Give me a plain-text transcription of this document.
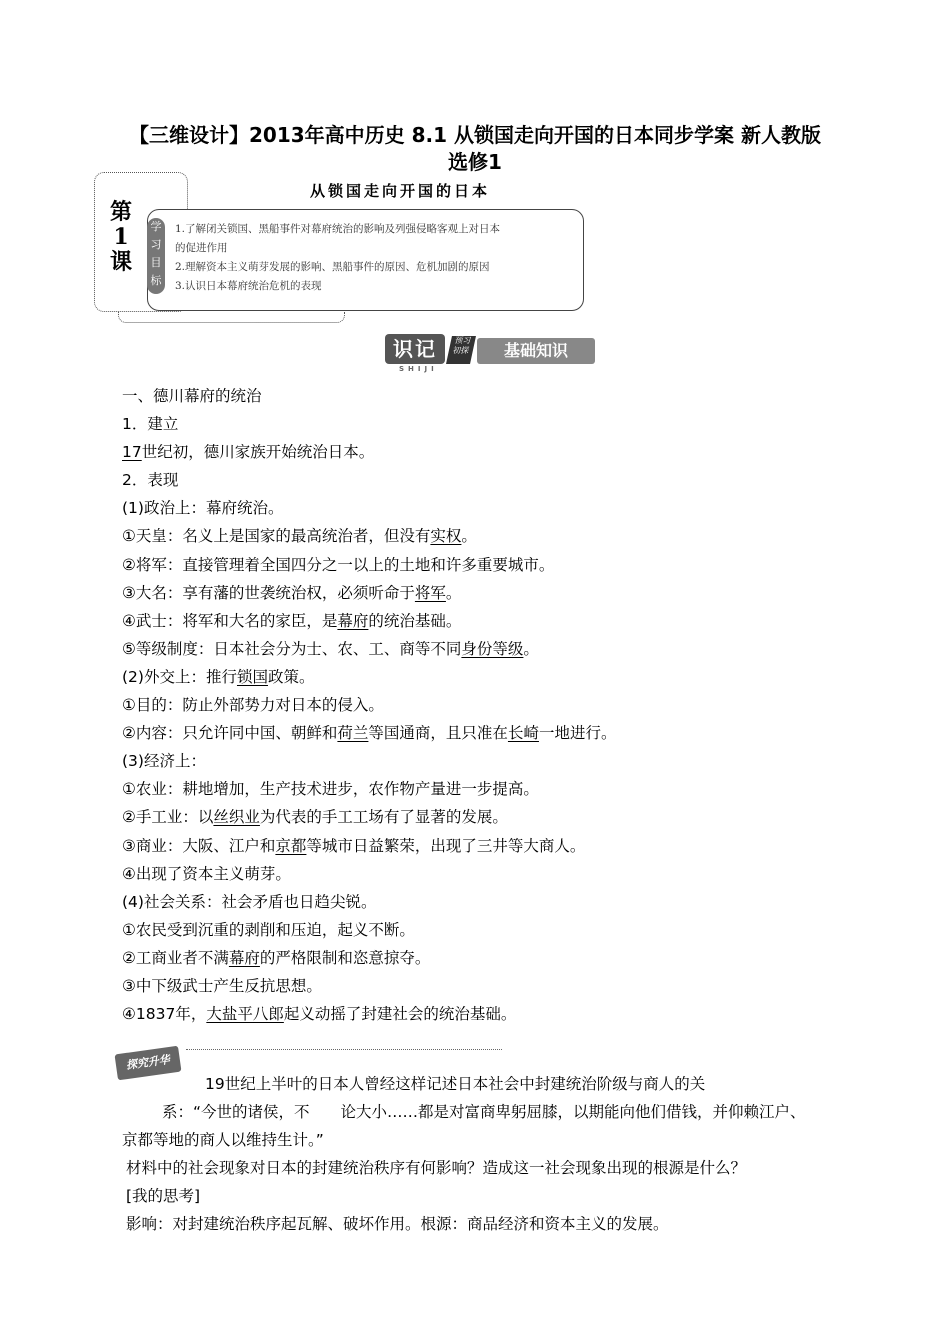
【三维设计】2013年高中历史 8.1 从锁国走向开国的日本同步学案 新人教版
选修1
第
1
课
从锁国走向开国的日本
学
习
目
标
1.了解闭关锁国、黑船事件对幕府统治的影响及列强侵略客观上对日本
的促进作用
2.理解资本主义萌芽发展的影响、黑船事件的原因、危机加剧的原因
3.认识日本幕府统治危机的表现
识记
SHIJI
预习
初探	基础知识

一、德川幕府的统治

1．建立

17世纪初，德川家族开始统治日本。

2．表现

(1)政治上：幕府统治。

①天皇：名义上是国家的最高统治者，但没有实权。

②将军：直接管理着全国四分之一以上的土地和许多重要城市。

③大名：享有藩的世袭统治权，必须听命于将军。

④武士：将军和大名的家臣，是幕府的统治基础。

⑤等级制度：日本社会分为士、农、工、商等不同身份等级。

(2)外交上：推行锁国政策。

①目的：防止外部势力对日本的侵入。

②内容：只允许同中国、朝鲜和荷兰等国通商，且只准在长崎一地进行。

(3)经济上：

①农业：耕地增加，生产技术进步，农作物产量进一步提高。

②手工业：以丝织业为代表的手工工场有了显著的发展。

③商业：大阪、江户和京都等城市日益繁荣，出现了三井等大商人。

④出现了资本主义萌芽。

(4)社会关系：社会矛盾也日趋尖锐。

①农民受到沉重的剥削和压迫，起义不断。

②工商业者不满幕府的严格限制和恣意掠夺。

③中下级武士产生反抗思想。

④1837年，大盐平八郎起义动摇了封建社会的统治基础。

探究升华
19世纪上半叶的日本人曾经这样记述日本社会中封建统治阶级与商人的关

系：“今世的诸侯，不　　论大小……都是对富商卑躬屈膝，以期能向他们借钱，并仰赖江户、

京都等地的商人以维持生计。”

材料中的社会现象对日本的封建统治秩序有何影响？造成这一社会现象出现的根源是什么？

[我的思考]

影响：对封建统治秩序起瓦解、破坏作用。根源：商品经济和资本主义的发展。
